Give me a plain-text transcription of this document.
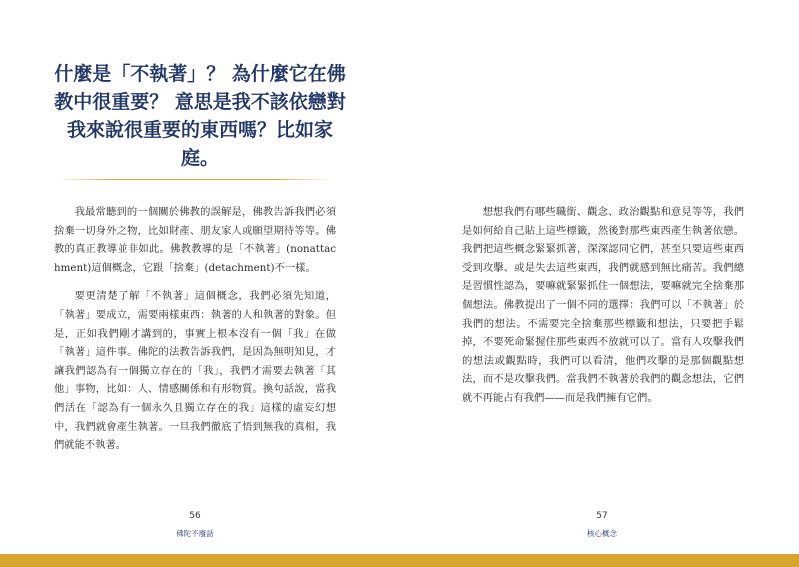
什麼是「不執著」？ 為什麼它在佛教中很重要？ 意思是我不該依戀對我來說很重要的東西嗎？比如家庭。

我最常聽到的一個關於佛教的誤解是，佛教告訴我們必須捨棄一切身外之物，比如財產、朋友家人或願望期待等等。佛教的真正教導並非如此。佛教教導的是「不執著」(nonattachment)這個概念，它跟「捨棄」(detachment)不一樣。

要更清楚了解「不執著」這個概念，我們必須先知道，「執著」要成立，需要兩樣東西：執著的人和執著的對象。但是，正如我們剛才講到的，事實上根本沒有一個「我」在做「執著」這件事。佛陀的法教告訴我們，是因為無明知見，才讓我們認為有一個獨立存在的「我」，我們才需要去執著「其他」事物，比如：人、情感關係和有形物質。換句話說，當我們活在「認為有一個永久且獨立存在的我」這樣的虛妄幻想中，我們就會產生執著。一旦我們徹底了悟到無我的真相，我們就能不執著。

56
佛陀不廢話

想想我們有哪些職銜、觀念、政治觀點和意見等等，我們是如何給自己貼上這些標籤，然後對那些東西產生執著依戀。我們把這些概念緊緊抓著，深深認同它們，甚至只要這些東西受到攻擊、或是失去這些東西，我們就感到無比痛苦。我們總是習慣性認為，要嘛就緊緊抓住一個想法，要嘛就完全捨棄那個想法。佛教提出了一個不同的選擇：我們可以「不執著」於我們的想法。不需要完全捨棄那些標籤和想法，只要把手鬆掉，不要死命緊握住那些東西不放就可以了。當有人攻擊我們的想法或觀點時，我們可以看清，他們攻擊的是那個觀點想法，而不是攻擊我們。當我們不執著於我們的觀念想法，它們就不再能占有我們——而是我們擁有它們。

57
核心概念
